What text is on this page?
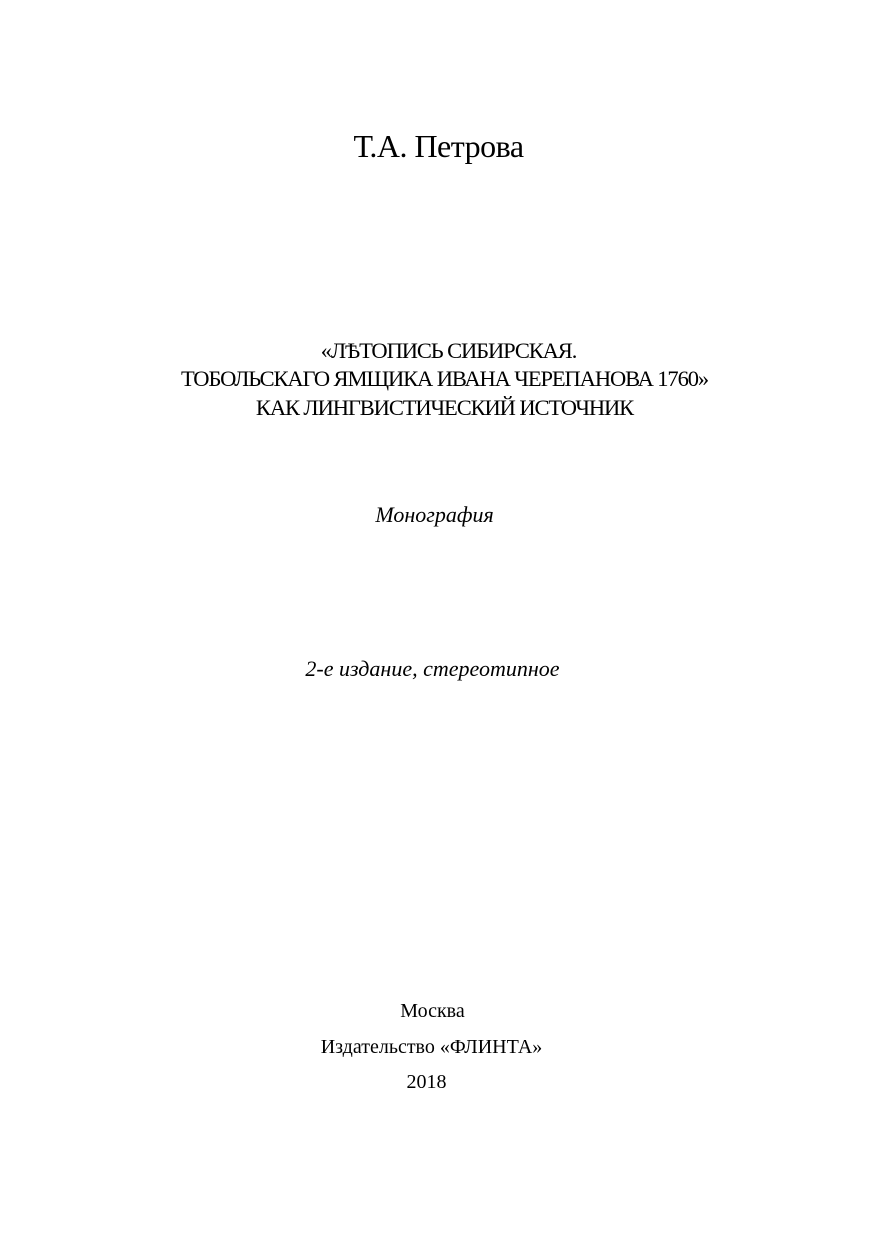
Т.А. Петрова
«ЛѢТОПИСЬ СИБИРСКАЯ.
ТОБОЛЬСКАГО ЯМЩИКА ИВАНА ЧЕРЕПАНОВА 1760»
КАК ЛИНГВИСТИЧЕСКИЙ ИСТОЧНИК
Монография
2-е издание, стереотипное
Москва
Издательство «ФЛИНТА»
2018
